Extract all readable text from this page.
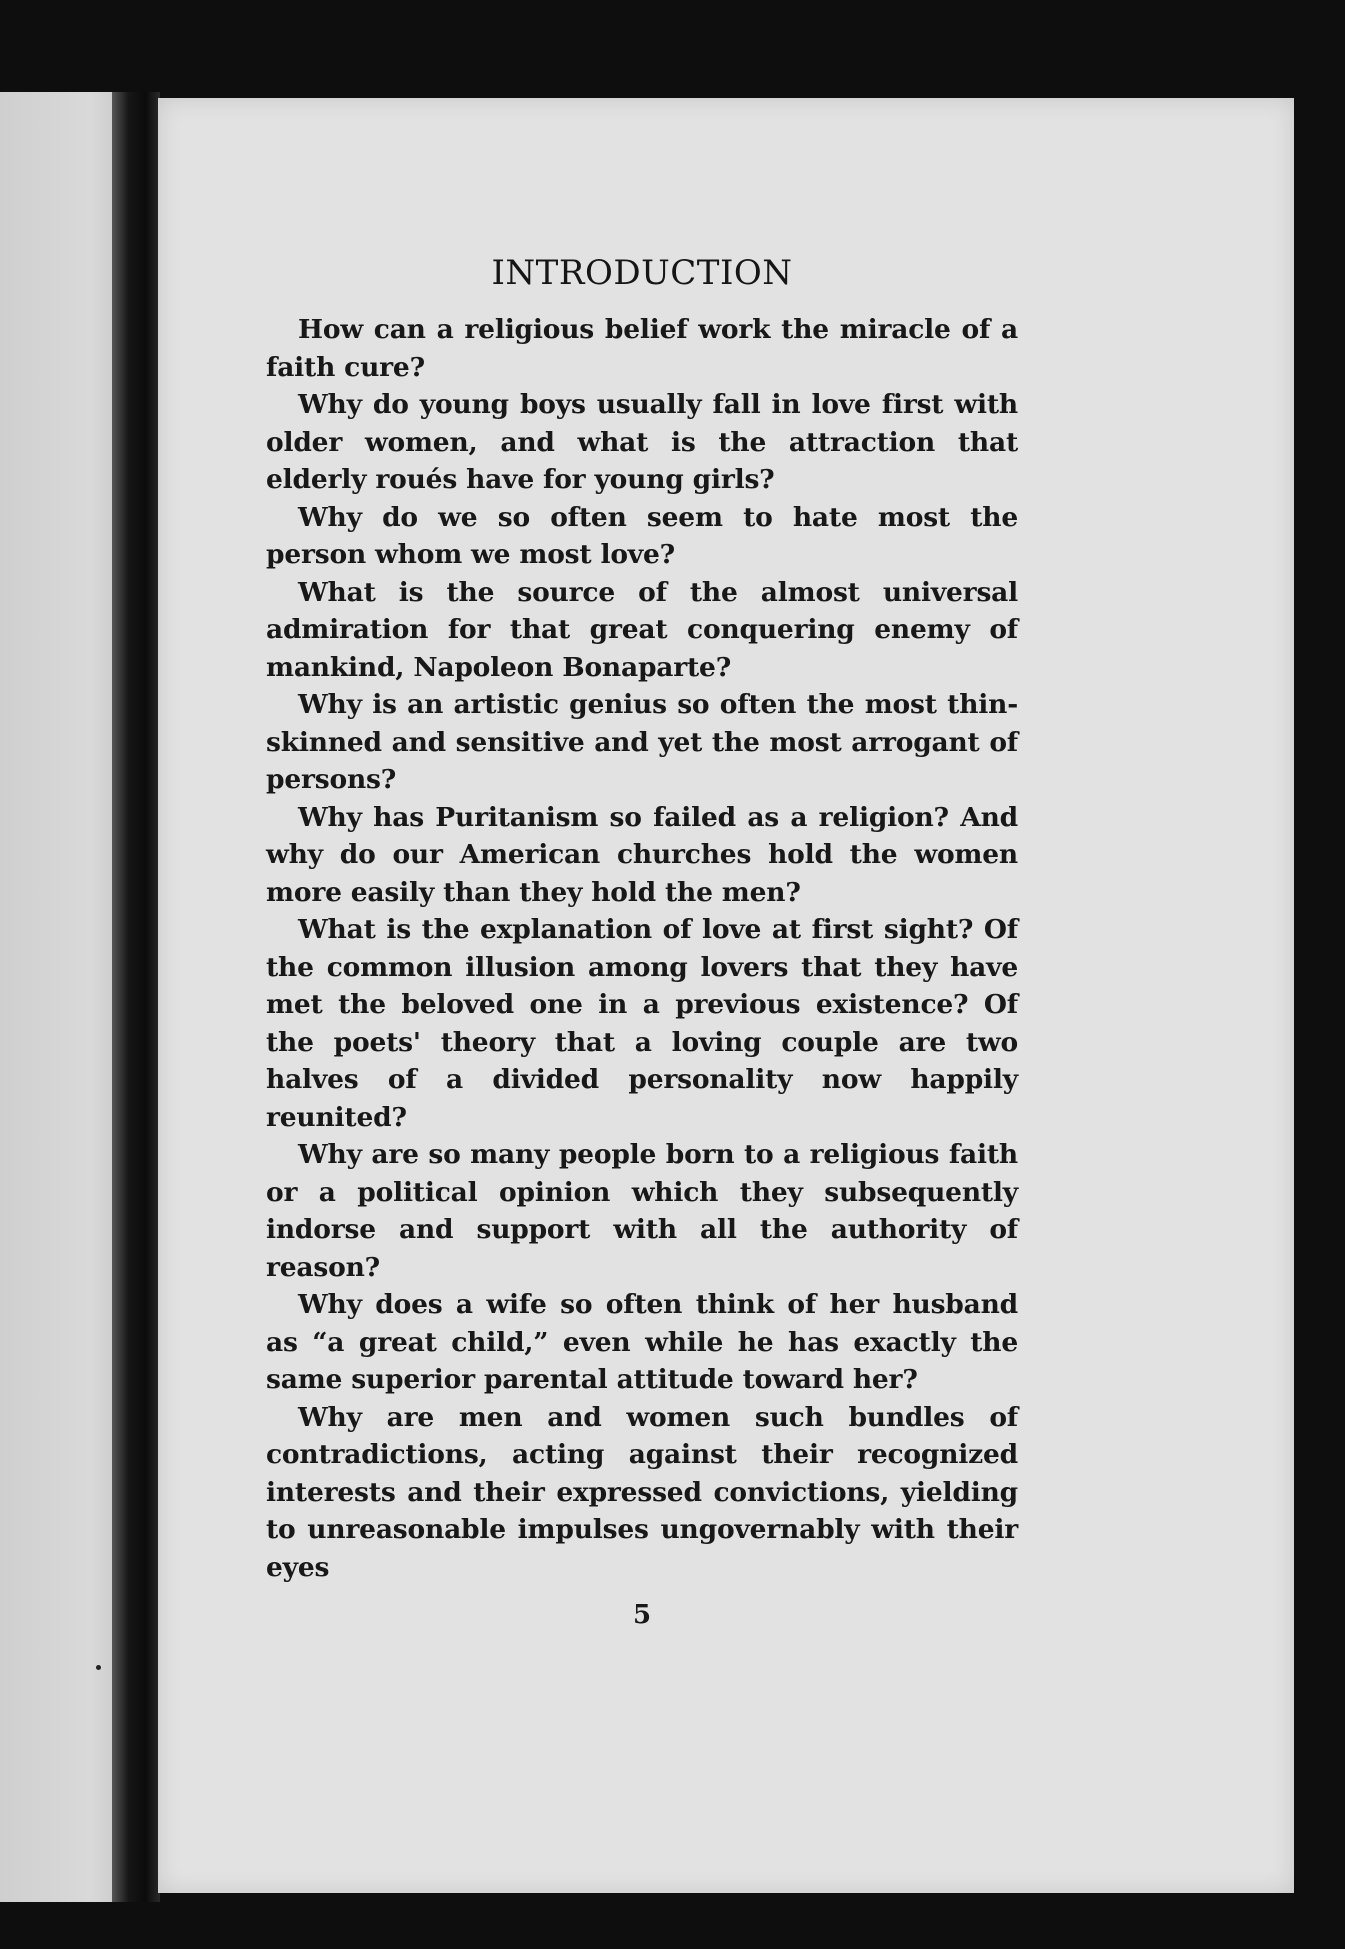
INTRODUCTION

How can a religious belief work the miracle of a faith cure?

Why do young boys usually fall in love first with older women, and what is the attraction that elderly roués have for young girls?

Why do we so often seem to hate most the person whom we most love?

What is the source of the almost universal admiration for that great conquering enemy of mankind, Napoleon Bonaparte?

Why is an artistic genius so often the most thin-skinned and sensitive and yet the most arrogant of persons?

Why has Puritanism so failed as a religion? And why do our American churches hold the women more easily than they hold the men?

What is the explanation of love at first sight? Of the common illusion among lovers that they have met the beloved one in a previous existence? Of the poets' theory that a loving couple are two halves of a divided personality now happily reunited?

Why are so many people born to a religious faith or a political opinion which they subsequently indorse and support with all the authority of reason?

Why does a wife so often think of her husband as “a great child,” even while he has exactly the same superior parental attitude toward her?

Why are men and women such bundles of contradictions, acting against their recognized interests and their expressed convictions, yielding to unreasonable impulses ungovernably with their eyes

5
